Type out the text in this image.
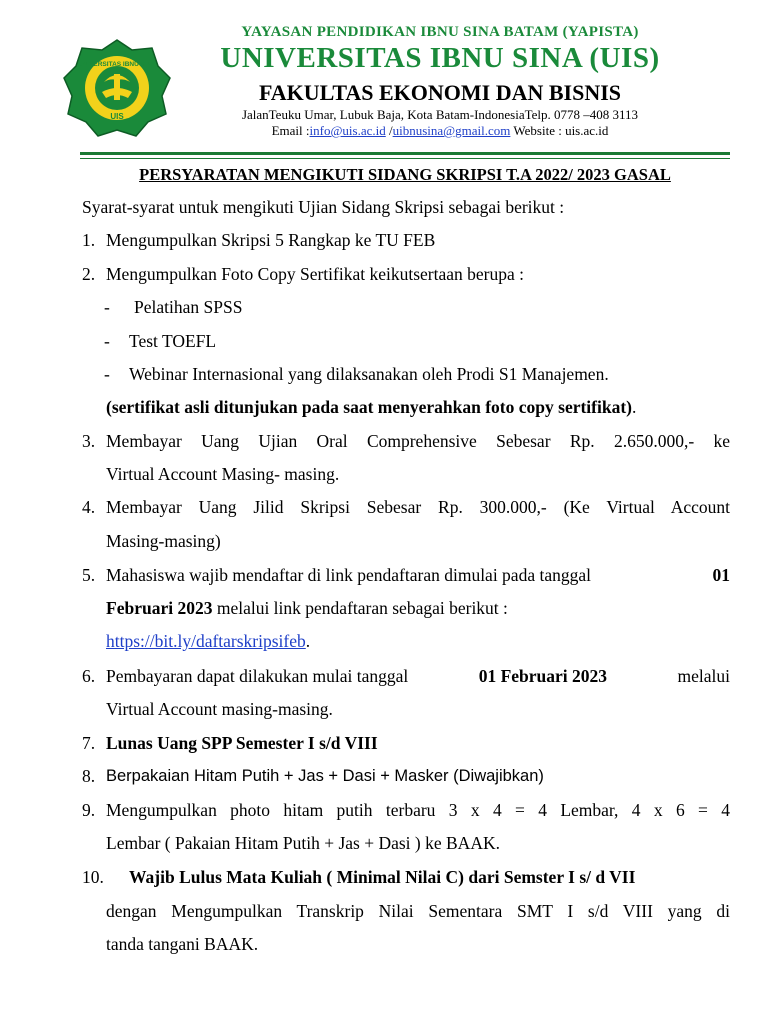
UNIVERSITAS IBNU SINA
UIS
YAYASAN PENDIDIKAN IBNU SINA BATAM (YAPISTA)
UNIVERSITAS IBNU SINA (UIS)
FAKULTAS EKONOMI DAN BISNIS
JalanTeuku Umar, Lubuk Baja, Kota Batam-IndonesiaTelp. 0778 –408 3113
Email :info@uis.ac.id /uibnusina@gmail.com Website : uis.ac.id
PERSYARATAN MENGIKUTI SIDANG SKRIPSI T.A 2022/ 2023 GASAL
Syarat-syarat untuk mengikuti Ujian Sidang Skripsi sebagai berikut :
1. Mengumpulkan Skripsi 5 Rangkap ke TU FEB
2. Mengumpulkan Foto Copy Sertifikat keikutsertaan berupa :
- Pelatihan SPSS
- Test TOEFL
- Webinar Internasional yang dilaksanakan oleh Prodi S1 Manajemen.
(sertifikat asli ditunjukan pada saat menyerahkan foto copy sertifikat).
3. Membayar Uang Ujian Oral Comprehensive Sebesar Rp. 2.650.000,- ke
Virtual Account Masing- masing.
4. Membayar Uang Jilid Skripsi Sebesar Rp. 300.000,- (Ke Virtual Account
Masing-masing)
5. Mahasiswa wajib mendaftar di link pendaftaran dimulai pada tanggal	01
Februari 2023 melalui link pendaftaran sebagai berikut :
https://bit.ly/daftarskripsifeb.
6. Pembayaran dapat dilakukan mulai tanggal	01 Februari 2023	melalui
Virtual Account masing-masing.
7. Lunas Uang SPP Semester I s/d VIII
8. Berpakaian Hitam Putih + Jas + Dasi + Masker (Diwajibkan)
9. Mengumpulkan photo hitam putih terbaru 3 x 4 = 4 Lembar, 4 x 6 = 4
Lembar ( Pakaian Hitam Putih + Jas + Dasi ) ke BAAK.
10. Wajib Lulus Mata Kuliah ( Minimal Nilai C) dari Semster I s/ d VII
dengan Mengumpulkan Transkrip Nilai Sementara SMT I s/d VIII yang di
tanda tangani BAAK.
